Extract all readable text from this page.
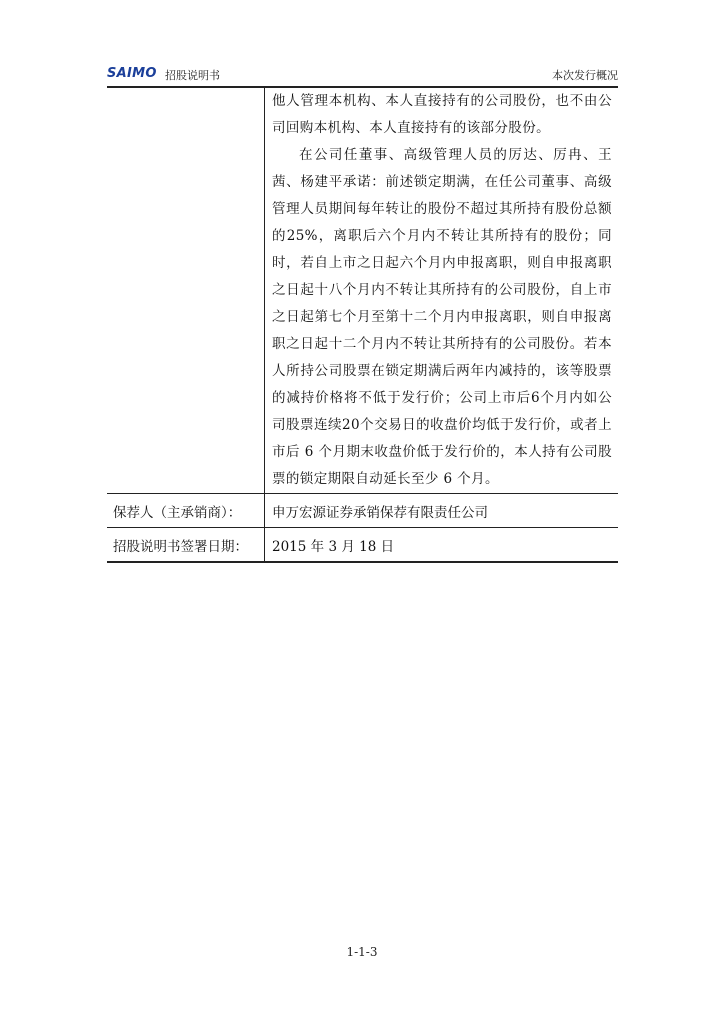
SAIMO 招股说明书	本次发行概况

他人管理本机构、本人直接持有的公司股份，也不由公司回购本机构、本人直接持有的该部分股份。

在公司任董事、高级管理人员的厉达、厉冉、王茜、杨建平承诺：前述锁定期满，在任公司董事、高级管理人员期间每年转让的股份不超过其所持有股份总额的25%，离职后六个月内不转让其所持有的股份；同时，若自上市之日起六个月内申报离职，则自申报离职之日起十八个月内不转让其所持有的公司股份，自上市之日起第七个月至第十二个月内申报离职，则自申报离职之日起十二个月内不转让其所持有的公司股份。若本人所持公司股票在锁定期满后两年内减持的，该等股票的减持价格将不低于发行价；公司上市后6个月内如公司股票连续20个交易日的收盘价均低于发行价，或者上市后 6 个月期末收盘价低于发行价的，本人持有公司股票的锁定期限自动延长至少 6 个月。

保荐人（主承销商）：	申万宏源证券承销保荐有限责任公司
招股说明书签署日期：	2015 年 3 月 18 日
1-1-3
